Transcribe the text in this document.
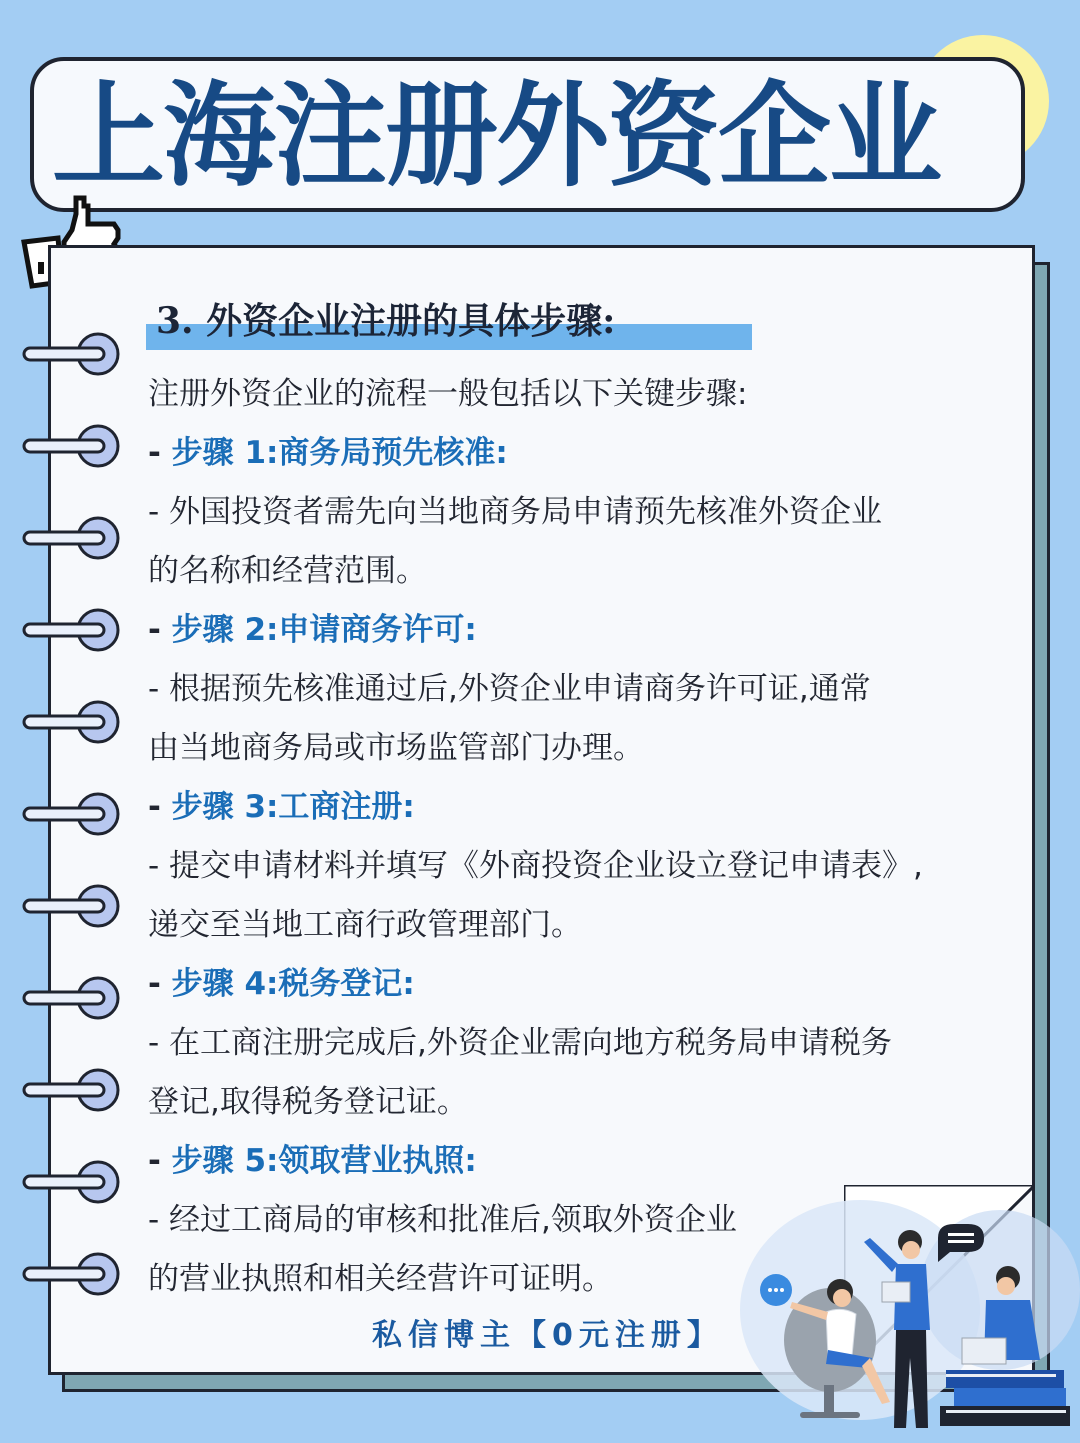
上海注册外资企业
3. 外资企业注册的具体步骤:
注册外资企业的流程一般包括以下关键步骤:
- 步骤 1:商务局预先核准:
- 外国投资者需先向当地商务局申请预先核准外资企业
的名称和经营范围。
- 步骤 2:申请商务许可:
- 根据预先核准通过后,外资企业申请商务许可证,通常
由当地商务局或市场监管部门办理。
- 步骤 3:工商注册:
- 提交申请材料并填写《外商投资企业设立登记申请表》,
递交至当地工商行政管理部门。
- 步骤 4:税务登记:
- 在工商注册完成后,外资企业需向地方税务局申请税务
登记,取得税务登记证。
- 步骤 5:领取营业执照:
- 经过工商局的审核和批准后,领取外资企业
的营业执照和相关经营许可证明。
私信博主【0元注册】
